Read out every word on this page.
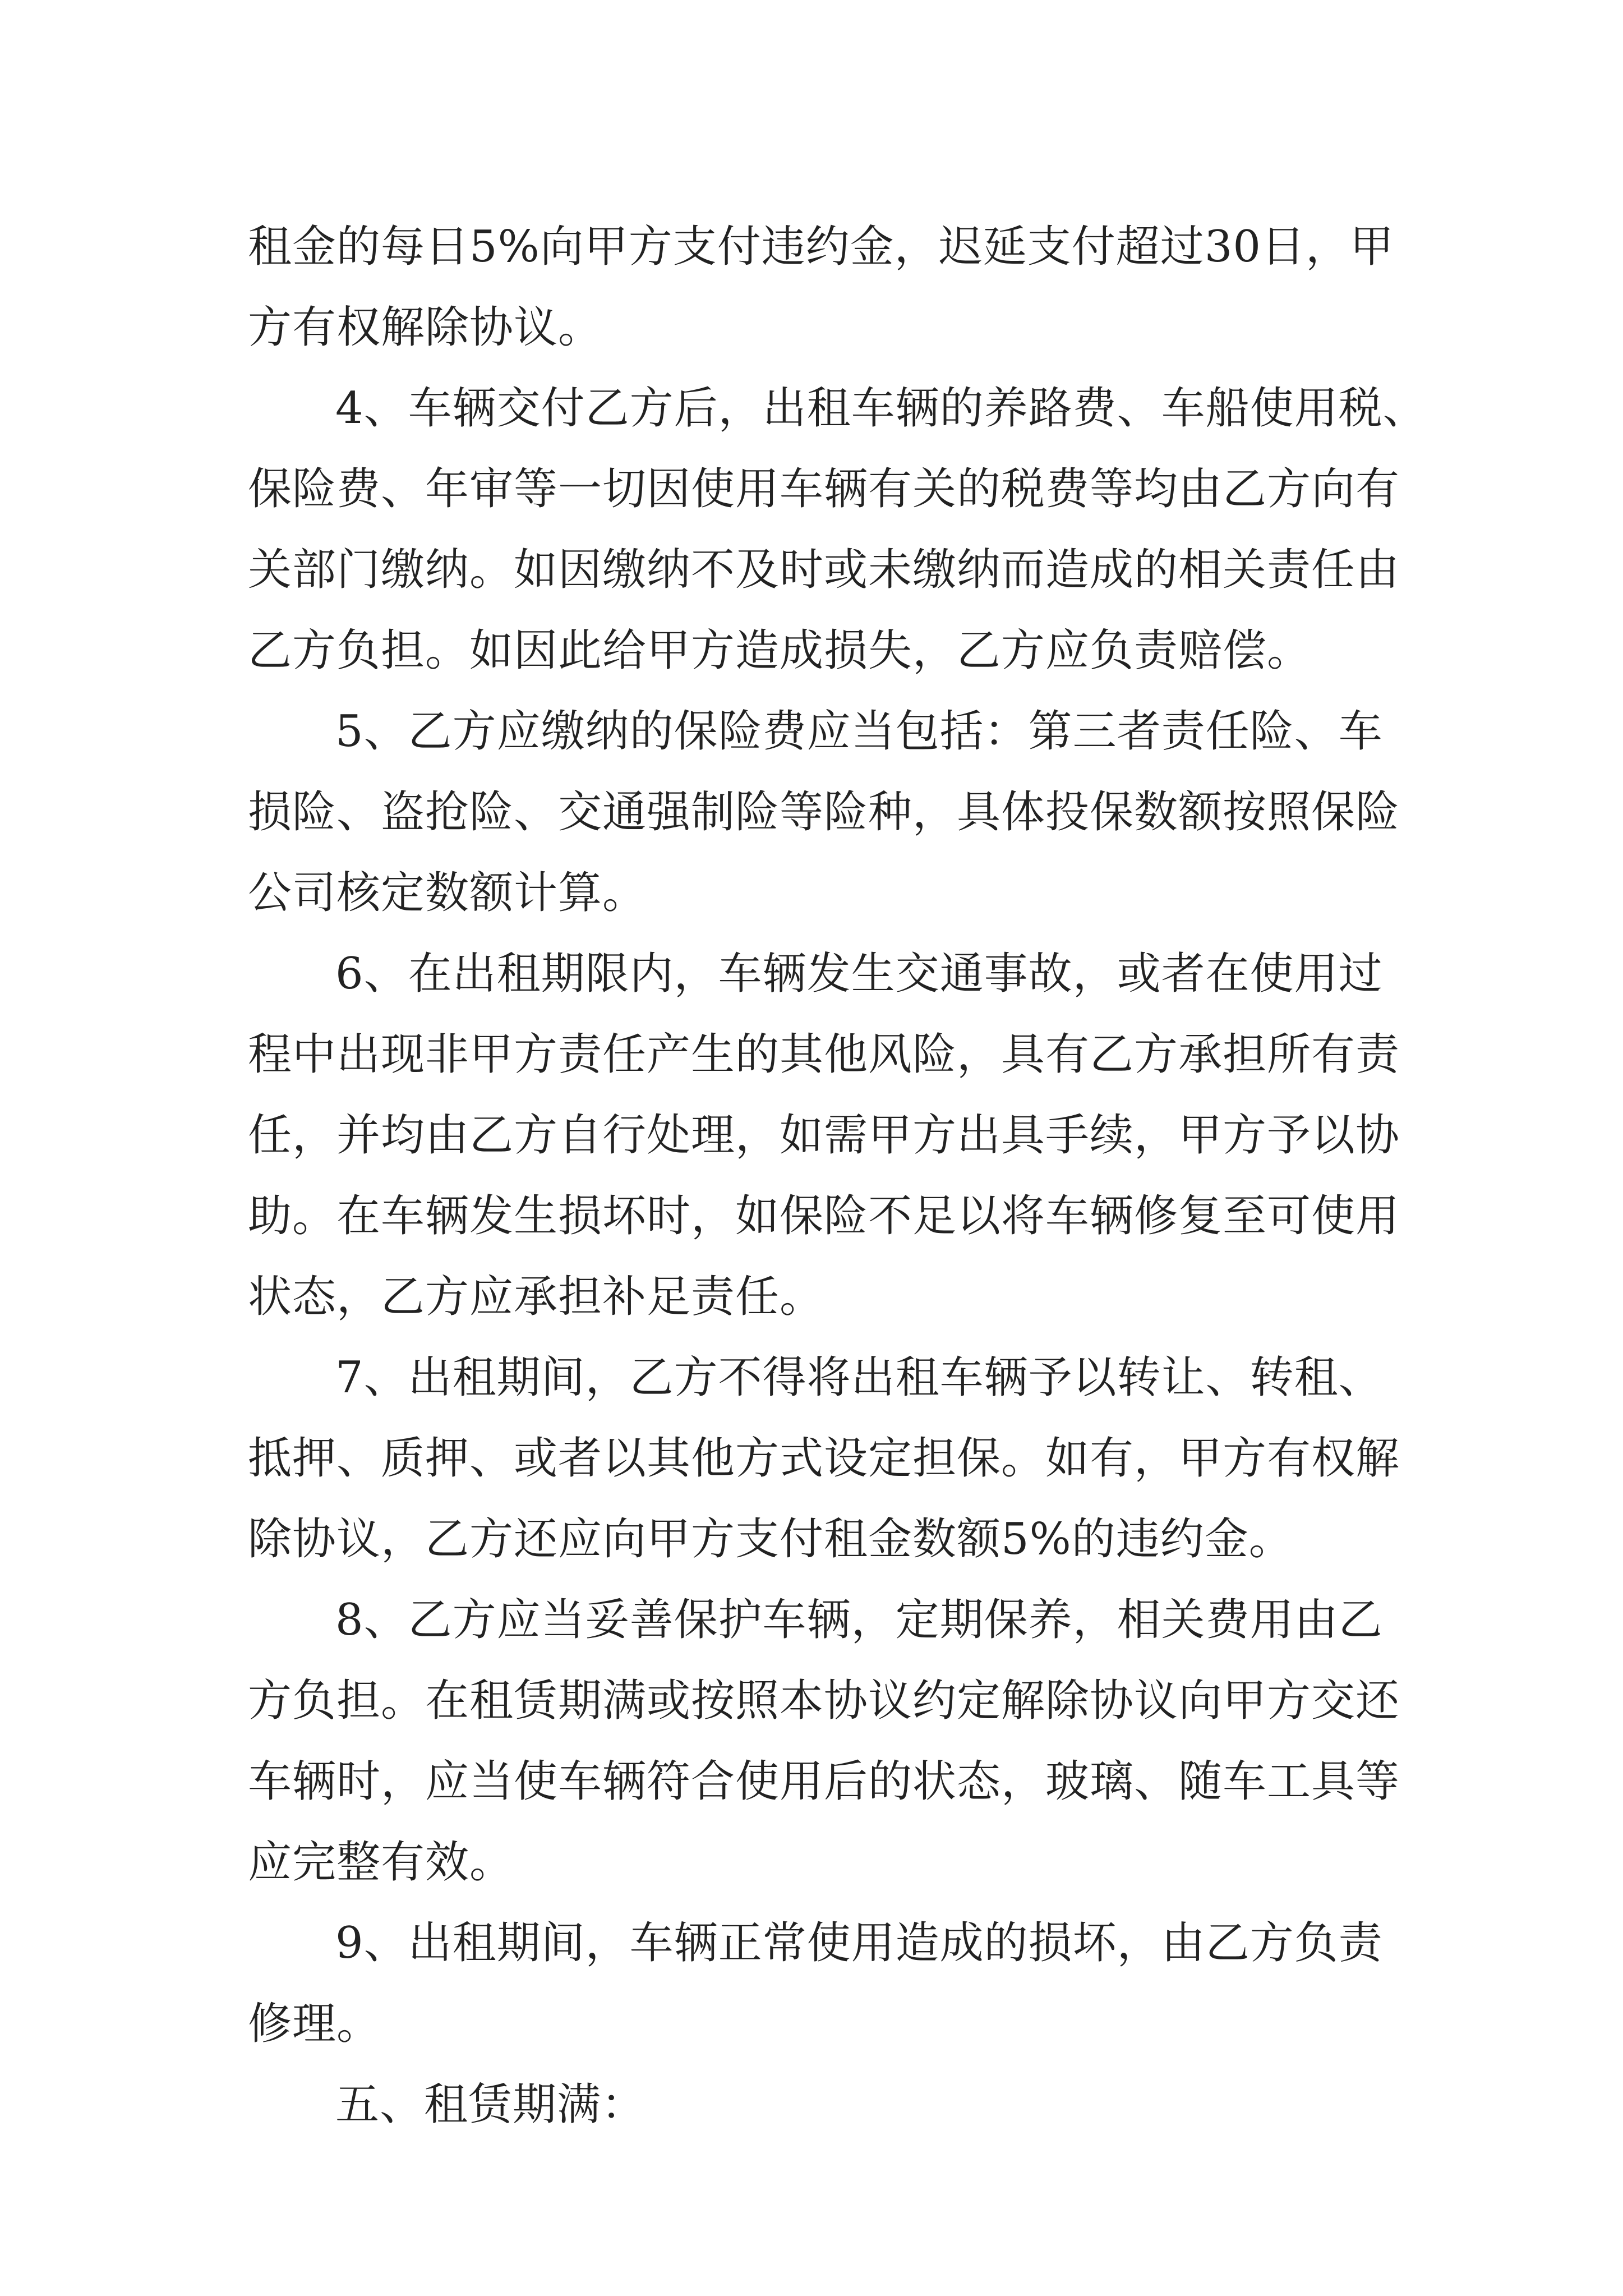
租金的每日5%向甲方支付违约金，迟延支付超过30日，甲
方有权解除协议。
4、车辆交付乙方后，出租车辆的养路费、车船使用税、
保险费、年审等一切因使用车辆有关的税费等均由乙方向有
关部门缴纳。如因缴纳不及时或未缴纳而造成的相关责任由
乙方负担。如因此给甲方造成损失，乙方应负责赔偿。
5、乙方应缴纳的保险费应当包括：第三者责任险、车
损险、盗抢险、交通强制险等险种，具体投保数额按照保险
公司核定数额计算。
6、在出租期限内，车辆发生交通事故，或者在使用过
程中出现非甲方责任产生的其他风险，具有乙方承担所有责
任，并均由乙方自行处理，如需甲方出具手续，甲方予以协
助。在车辆发生损坏时，如保险不足以将车辆修复至可使用
状态，乙方应承担补足责任。
7、出租期间，乙方不得将出租车辆予以转让、转租、
抵押、质押、或者以其他方式设定担保。如有，甲方有权解
除协议，乙方还应向甲方支付租金数额5%的违约金。
8、乙方应当妥善保护车辆，定期保养，相关费用由乙
方负担。在租赁期满或按照本协议约定解除协议向甲方交还
车辆时，应当使车辆符合使用后的状态，玻璃、随车工具等
应完整有效。
9、出租期间，车辆正常使用造成的损坏，由乙方负责
修理。
五、租赁期满：
